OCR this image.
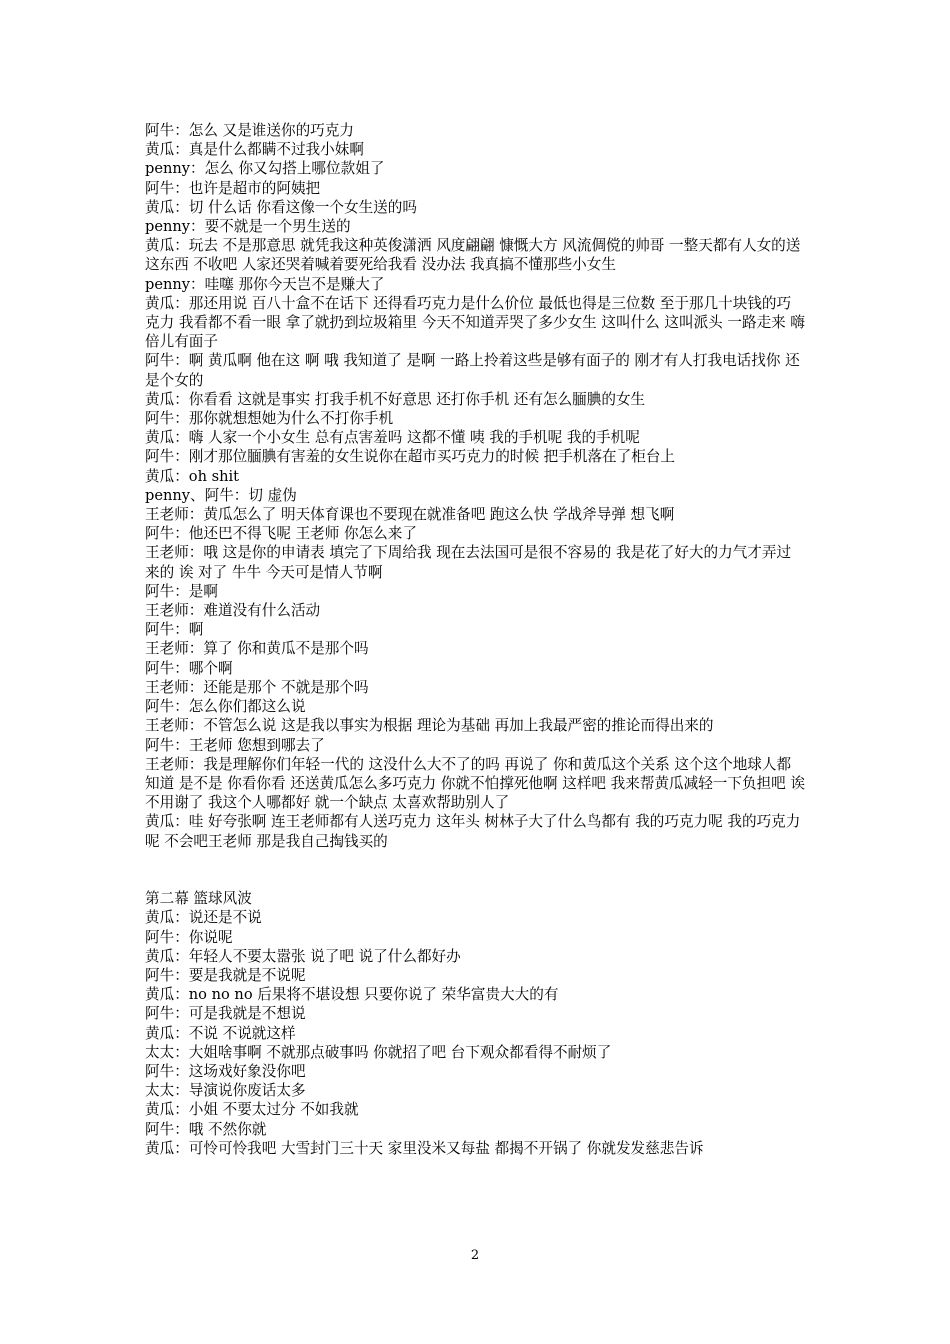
阿牛：怎么 又是谁送你的巧克力
黄瓜：真是什么都瞒不过我小妹啊
penny：怎么 你又勾搭上哪位款姐了
阿牛：也许是超市的阿姨把
黄瓜：切 什么话 你看这像一个女生送的吗
penny：要不就是一个男生送的
黄瓜：玩去 不是那意思 就凭我这种英俊潇洒 风度翩翩 慷慨大方 风流倜傥的帅哥 一整天都有人女的送这东西 不收吧 人家还哭着喊着要死给我看 没办法 我真搞不懂那些小女生
penny：哇噻 那你今天岂不是赚大了
黄瓜：那还用说 百八十盒不在话下 还得看巧克力是什么价位 最低也得是三位数 至于那几十块钱的巧克力 我看都不看一眼 拿了就扔到垃圾箱里 今天不知道弄哭了多少女生 这叫什么 这叫派头 一路走来 嗨 倍儿有面子
阿牛：啊 黄瓜啊 他在这 啊 哦 我知道了 是啊 一路上拎着这些是够有面子的 刚才有人打我电话找你 还是个女的
黄瓜：你看看 这就是事实 打我手机不好意思 还打你手机 还有怎么腼腆的女生
阿牛：那你就想想她为什么不打你手机
黄瓜：嗨 人家一个小女生 总有点害羞吗 这都不懂 咦 我的手机呢 我的手机呢
阿牛：刚才那位腼腆有害羞的女生说你在超市买巧克力的时候 把手机落在了柜台上
黄瓜：oh shit
penny、阿牛：切 虚伪
王老师：黄瓜怎么了 明天体育课也不要现在就准备吧 跑这么快 学战斧导弹 想飞啊
阿牛：他还巴不得飞呢 王老师 你怎么来了
王老师：哦 这是你的申请表 填完了下周给我 现在去法国可是很不容易的 我是花了好大的力气才弄过来的 诶 对了 牛牛 今天可是情人节啊
阿牛：是啊
王老师：难道没有什么活动
阿牛：啊
王老师：算了 你和黄瓜不是那个吗
阿牛：哪个啊
王老师：还能是那个 不就是那个吗
阿牛：怎么你们都这么说
王老师：不管怎么说 这是我以事实为根据 理论为基础 再加上我最严密的推论而得出来的
阿牛：王老师 您想到哪去了
王老师：我是理解你们年轻一代的 这没什么大不了的吗 再说了 你和黄瓜这个关系 这个这个地球人都知道 是不是 你看你看 还送黄瓜怎么多巧克力 你就不怕撑死他啊 这样吧 我来帮黄瓜减轻一下负担吧 诶 不用谢了 我这个人哪都好 就一个缺点 太喜欢帮助别人了
黄瓜：哇 好夸张啊 连王老师都有人送巧克力 这年头 树林子大了什么鸟都有 我的巧克力呢 我的巧克力呢 不会吧王老师 那是我自己掏钱买的
第二幕 篮球风波
黄瓜：说还是不说
阿牛：你说呢
黄瓜：年轻人不要太嚣张 说了吧 说了什么都好办
阿牛：要是我就是不说呢
黄瓜：no no no 后果将不堪设想 只要你说了 荣华富贵大大的有
阿牛：可是我就是不想说
黄瓜：不说 不说就这样
太太：大姐啥事啊 不就那点破事吗 你就招了吧 台下观众都看得不耐烦了
阿牛：这场戏好象没你吧
太太：导演说你废话太多
黄瓜：小姐 不要太过分 不如我就
阿牛：哦 不然你就
黄瓜：可怜可怜我吧 大雪封门三十天 家里没米又每盐 都揭不开锅了 你就发发慈悲告诉
2
